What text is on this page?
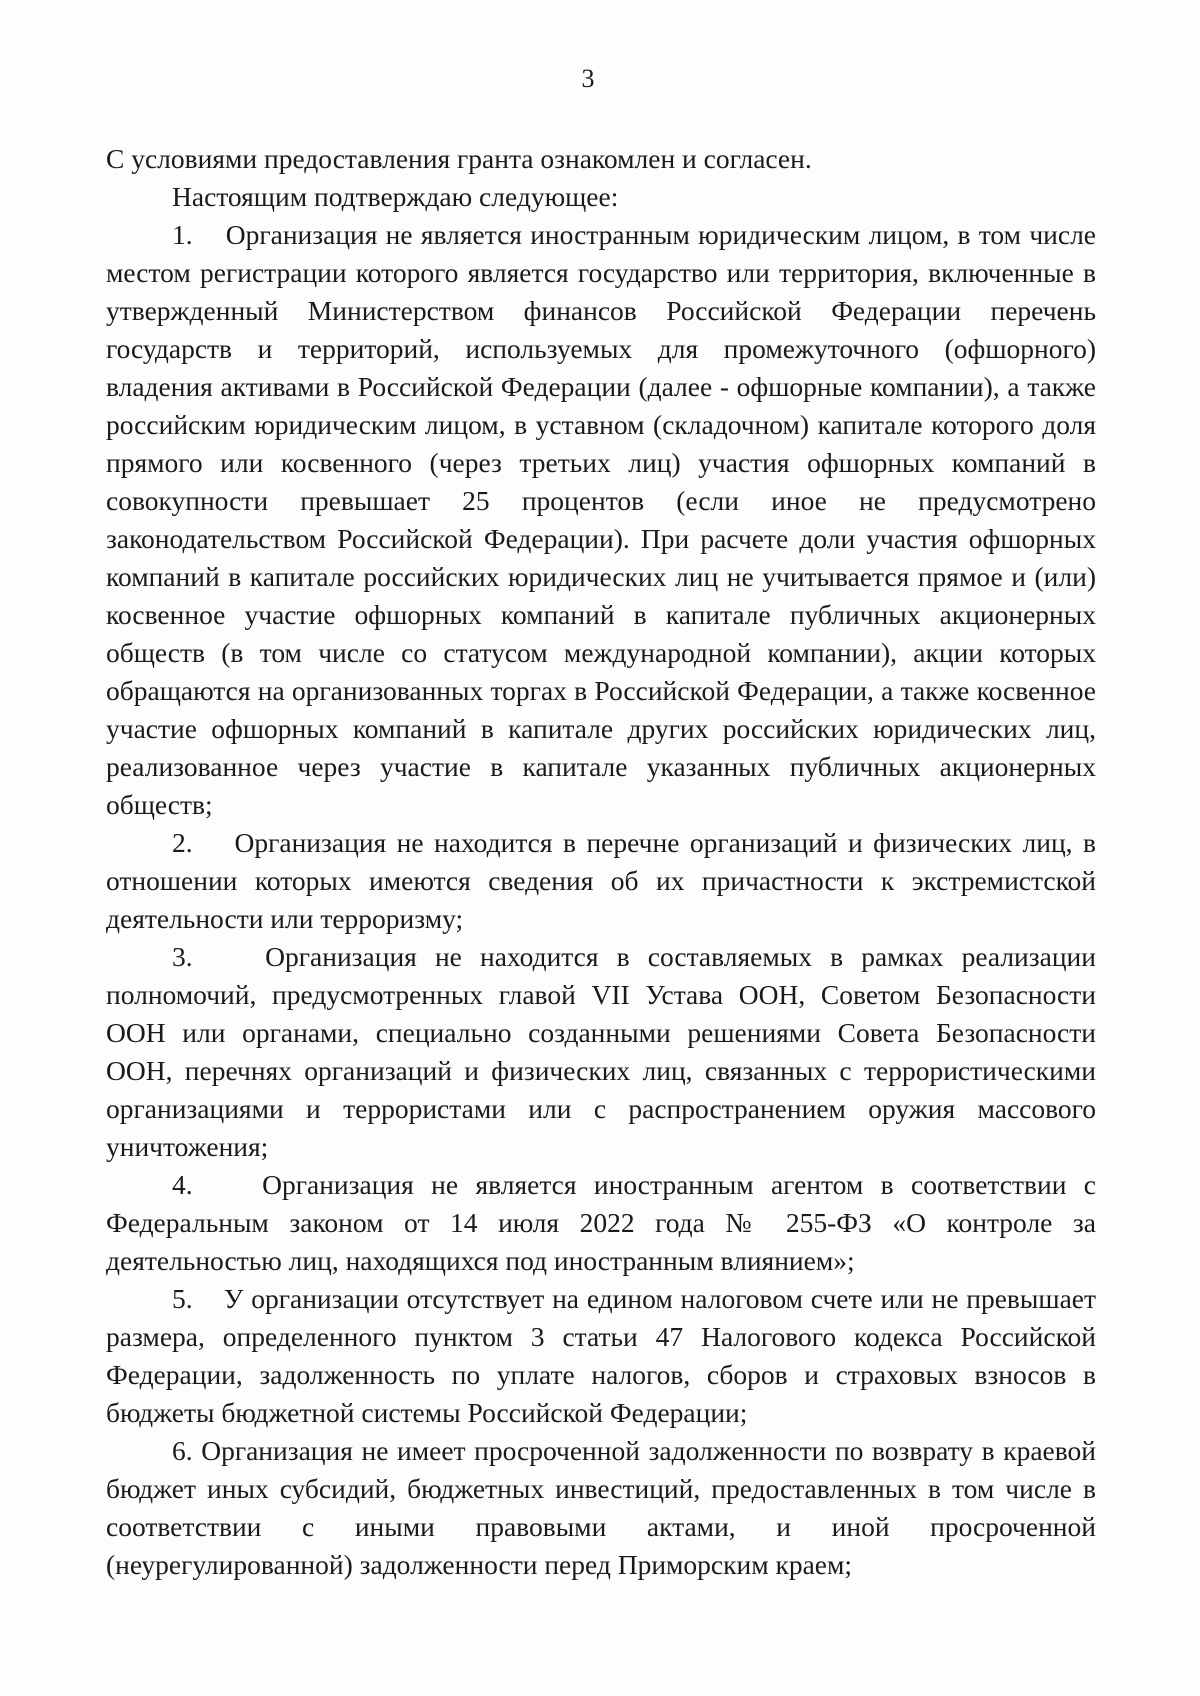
3

С условиями предоставления гранта ознакомлен и согласен.

Настоящим подтверждаю следующее:

1.    Организация не является иностранным юридическим лицом, в том числе местом регистрации которого является государство или территория, включенные в утвержденный Министерством финансов Российской Федерации перечень государств и территорий, используемых для промежуточного (офшорного) владения активами в Российской Федерации (далее - офшорные компании), а также российским юридическим лицом, в уставном (складочном) капитале которого доля прямого или косвенного (через третьих лиц) участия офшорных компаний в совокупности превышает 25 процентов (если иное не предусмотрено законодательством Российской Федерации). При расчете доли участия офшорных компаний в капитале российских юридических лиц не учитывается прямое и (или) косвенное участие офшорных компаний в капитале публичных акционерных обществ (в том числе со статусом международной компании), акции которых обращаются на организованных торгах в Российской Федерации, а также косвенное участие офшорных компаний в капитале других российских юридических лиц, реализованное через участие в капитале указанных публичных акционерных обществ;

2.    Организация не находится в перечне организаций и физических лиц, в отношении которых имеются сведения об их причастности к экстремистской деятельности или терроризму;

3.    Организация не находится в составляемых в рамках реализации полномочий, предусмотренных главой VII Устава ООН, Советом Безопасности ООН или органами, специально созданными решениями Совета Безопасности ООН, перечнях организаций и физических лиц, связанных с террористическими организациями и террористами или с распространением оружия массового уничтожения;

4.    Организация не является иностранным агентом в соответствии с Федеральным законом от 14 июля 2022 года № 255-ФЗ «О контроле за деятельностью лиц, находящихся под иностранным влиянием»;

5.    У организации отсутствует на едином налоговом счете или не превышает размера, определенного пунктом 3 статьи 47 Налогового кодекса Российской Федерации, задолженность по уплате налогов, сборов и страховых взносов в бюджеты бюджетной системы Российской Федерации;

6. Организация не имеет просроченной задолженности по возврату в краевой бюджет иных субсидий, бюджетных инвестиций, предоставленных в том числе в соответствии с иными правовыми актами, и иной просроченной (неурегулированной) задолженности перед Приморским краем;
